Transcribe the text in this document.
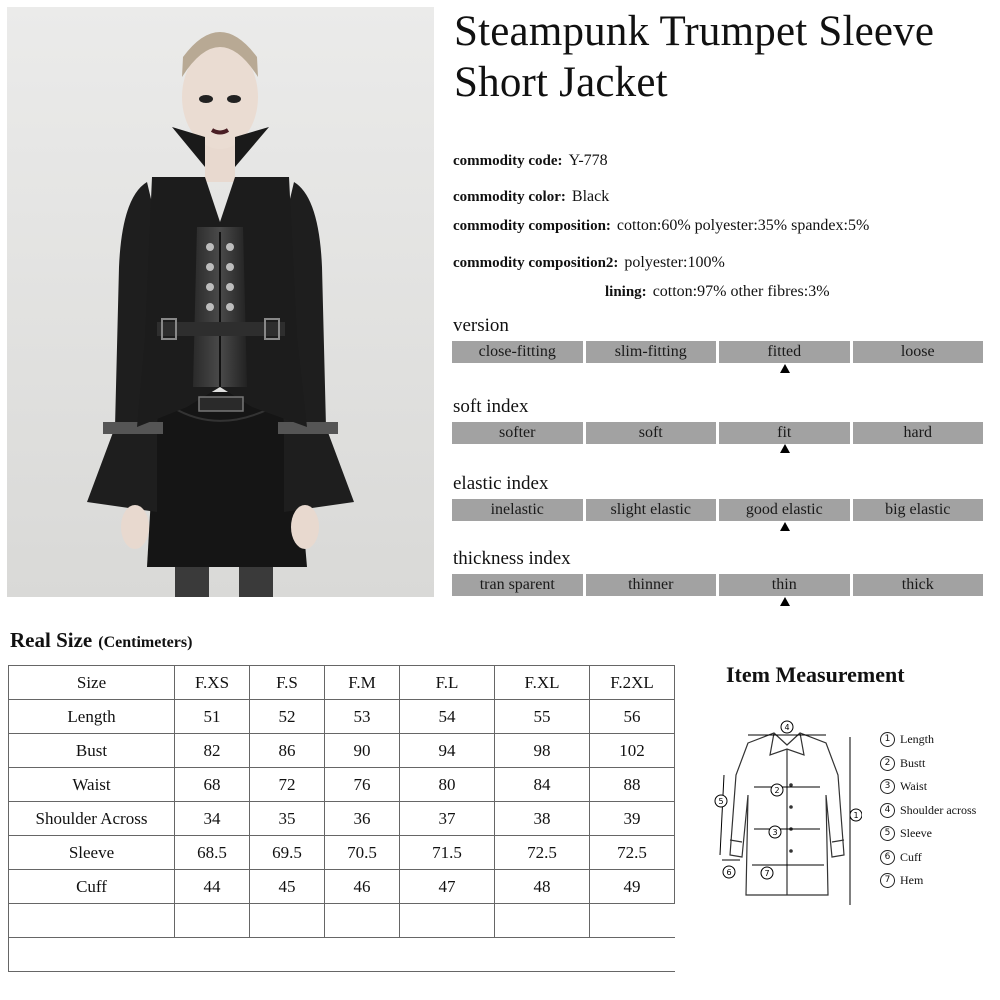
Steampunk Trumpet Sleeve Short Jacket
commodity code: Y-778
commodity color: Black
commodity composition: cotton:60% polyester:35% spandex:5%
commodity composition2: polyester:100%
lining: cotton:97% other fibres:3%
version
close-fitting	slim-fitting	fitted	loose
soft index
softer	soft	fit	hard
elastic index
inelastic	slight elastic	good elastic	big elastic
thickness index
tran sparent	thinner	thin	thick
Real Size (Centimeters)
Size	F.XS	F.S	F.M	F.L	F.XL	F.2XL
Length	51	52	53	54	55	56
Bust	82	86	90	94	98	102
Waist	68	72	76	80	84	88
Shoulder Across	34	35	36	37	38	39
Sleeve	68.5	69.5	70.5	71.5	72.5	72.5
Cuff	44	45	46	47	48	49

Item Measurement
4
2
3
7
1
5
6
1 Length
2 Bustt
3 Waist
4 Shoulder across
5 Sleeve
6 Cuff
7 Hem
